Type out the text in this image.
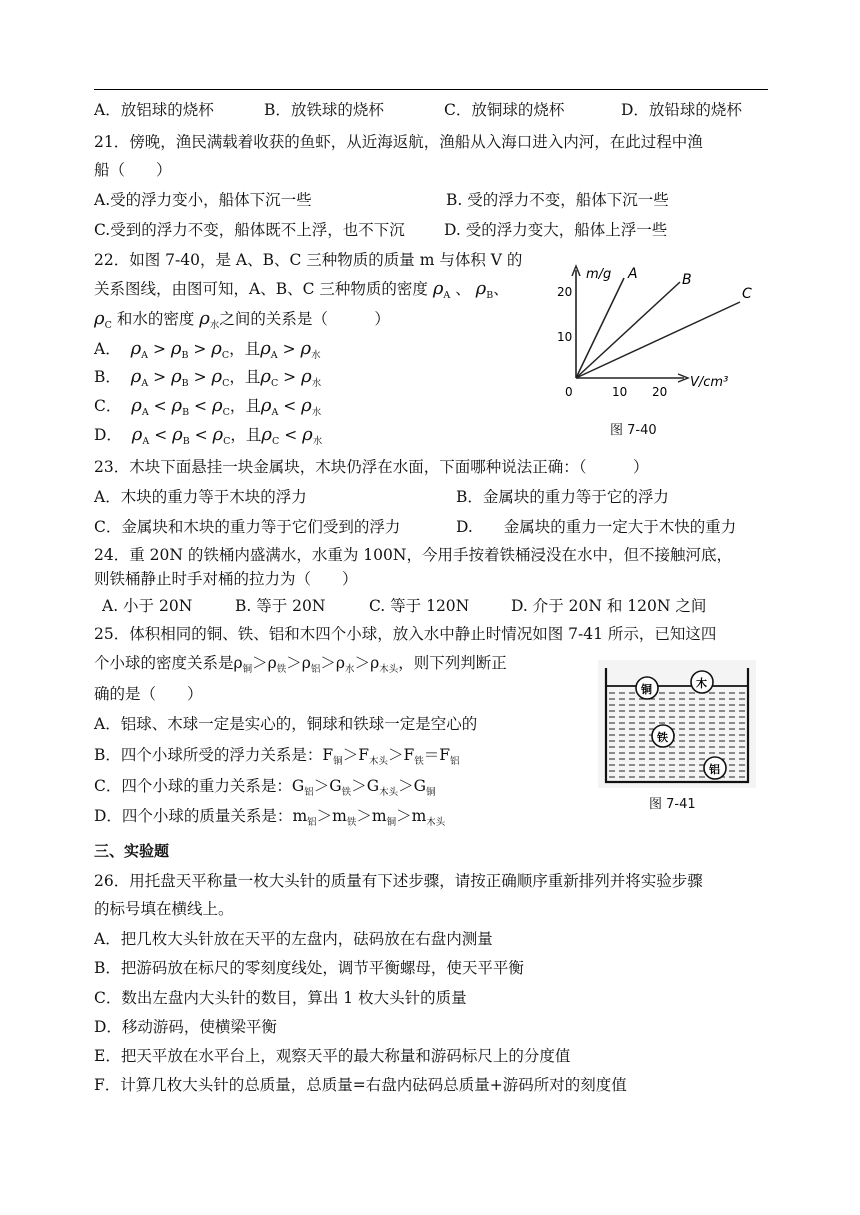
A．放铝球的烧杯	B．放铁球的烧杯	C．放铜球的烧杯	D．放铅球的烧杯
21．傍晚，渔民满载着收获的鱼虾，从近海返航，渔船从入海口进入内河，在此过程中渔
船（　　）
A.受的浮力变小，船体下沉一些	B. 受的浮力不变，船体下沉一些
C.受到的浮力不变，船体既不上浮，也不下沉	D. 受的浮力变大，船体上浮一些
22．如图 7-40，是 A、B、C 三种物质的质量 m 与体积 V 的
关系图线，由图可知，A、B、C 三种物质的密度 $\rho_A$ 、 $\rho_B$、
$\rho_C$ 和水的密度 $\rho_水$之间的关系是（　　　）
A． $\rho_A > \rho_B > \rho_C$，且$\rho_A > \rho_水$
B． $\rho_A > \rho_B > \rho_C$，且$\rho_C > \rho_水$
C． $\rho_A < \rho_B < \rho_C$，且$\rho_A < \rho_水$
D． $\rho_A < \rho_B < \rho_C$，且$\rho_C < \rho_水$
m/g
V/cm³
0
10
20
10 20
A	B
C
图 7-40
23．木块下面悬挂一块金属块，木块仍浮在水面，下面哪种说法正确：（　　　）
A．木块的重力等于木块的浮力	B．金属块的重力等于它的浮力
C．金属块和木块的重力等于它们受到的浮力	D.　　金属块的重力一定大于木快的重力
24．重 20N 的铁桶内盛满水，水重为 100N，今用手按着铁桶浸没在水中，但不接触河底，
则铁桶静止时手对桶的拉力为（　　）
A. 小于 20N	B. 等于 20N	C. 等于 120N	D. 介于 20N 和 120N 之间
25．体积相同的铜、铁、铝和木四个小球，放入水中静止时情况如图 7-41 所示，已知这四
个小球的密度关系是$\rho_铜>\rho_铁>\rho_铝>\rho_水>\rho_{木头}$，则下列判断正
确的是（　　）
A．铝球、木球一定是实心的，铜球和铁球一定是空心的
B．四个小球所受的浮力关系是：$F_铜>F_{木头}>F_铁=F_铝$
C．四个小球的重力关系是：$G_铝>G_铁>G_{木头}>G_铜$
D．四个小球的质量关系是：$m_铝>m_铁>m_铜>m_{木头}$
铜	木
铁
铝
图 7-41
三、实验题
26．用托盘天平称量一枚大头针的质量有下述步骤，请按正确顺序重新排列并将实验步骤
的标号填在横线上。
A．把几枚大头针放在天平的左盘内，砝码放在右盘内测量
B．把游码放在标尺的零刻度线处，调节平衡螺母，使天平平衡
C．数出左盘内大头针的数目，算出 1 枚大头针的质量
D．移动游码，使横梁平衡
E．把天平放在水平台上，观察天平的最大称量和游码标尺上的分度值
F．计算几枚大头针的总质量，总质量=右盘内砝码总质量+游码所对的刻度值
